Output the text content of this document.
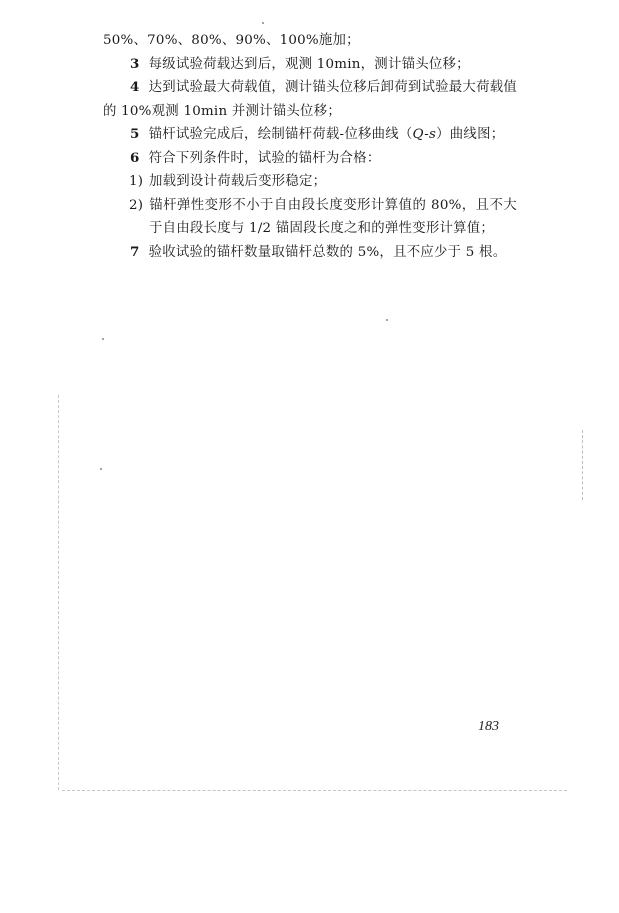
50%、70%、80%、90%、100%施加；

3 每级试验荷载达到后，观测 10min，测计锚头位移；

4 达到试验最大荷载值，测计锚头位移后卸荷到试验最大荷载值的 10%观测 10min 并测计锚头位移；

5 锚杆试验完成后，绘制锚杆荷载-位移曲线（Q-s）曲线图；

6 符合下列条件时，试验的锚杆为合格：

1) 加载到设计荷载后变形稳定；

2) 锚杆弹性变形不小于自由段长度变形计算值的 80%，且不大于自由段长度与 1/2 锚固段长度之和的弹性变形计算值；

7 验收试验的锚杆数量取锚杆总数的 5%，且不应少于 5 根。

183
